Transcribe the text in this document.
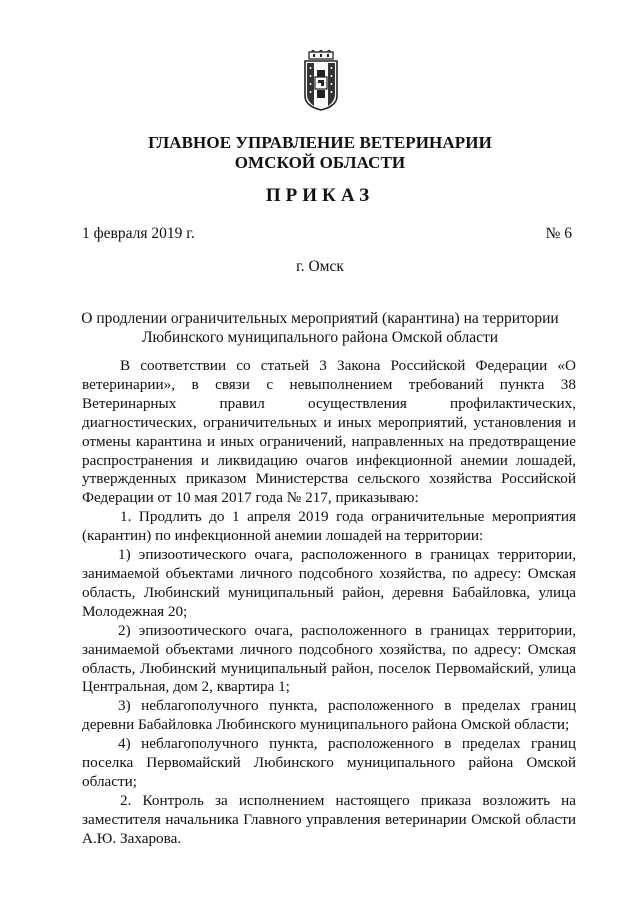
ГЛАВНОЕ УПРАВЛЕНИЕ ВЕТЕРИНАРИИ
ОМСКОЙ ОБЛАСТИ
ПРИКАЗ
1 февраля 2019 г.	№ 6
г. Омск
О продлении ограничительных мероприятий (карантина) на территории Любинского муниципального района Омской области

В соответствии со статьей 3 Закона Российской Федерации «О ветеринарии», в связи с невыполнением требований пункта 38 Ветеринарных правил осуществления профилактических, диагностических, ограничительных и иных мероприятий, установления и отмены карантина и иных ограничений, направленных на предотвращение распространения и ликвидацию очагов инфекционной анемии лошадей, утвержденных приказом Министерства сельского хозяйства Российской Федерации от 10 мая 2017 года № 217, приказываю:

1. Продлить до 1 апреля 2019 года ограничительные мероприятия (карантин) по инфекционной анемии лошадей на территории:

1) эпизоотического очага, расположенного в границах территории, занимаемой объектами личного подсобного хозяйства, по адресу: Омская область, Любинский муниципальный район, деревня Бабайловка, улица Молодежная 20;

2) эпизоотического очага, расположенного в границах территории, занимаемой объектами личного подсобного хозяйства, по адресу: Омская область, Любинский муниципальный район, поселок Первомайский, улица Центральная, дом 2, квартира 1;

3) неблагополучного пункта, расположенного в пределах границ деревни Бабайловка Любинского муниципального района Омской области;

4) неблагополучного пункта, расположенного в пределах границ поселка Первомайский Любинского муниципального района Омской области;

2. Контроль за исполнением настоящего приказа возложить на заместителя начальника Главного управления ветеринарии Омской области А.Ю. Захарова.
